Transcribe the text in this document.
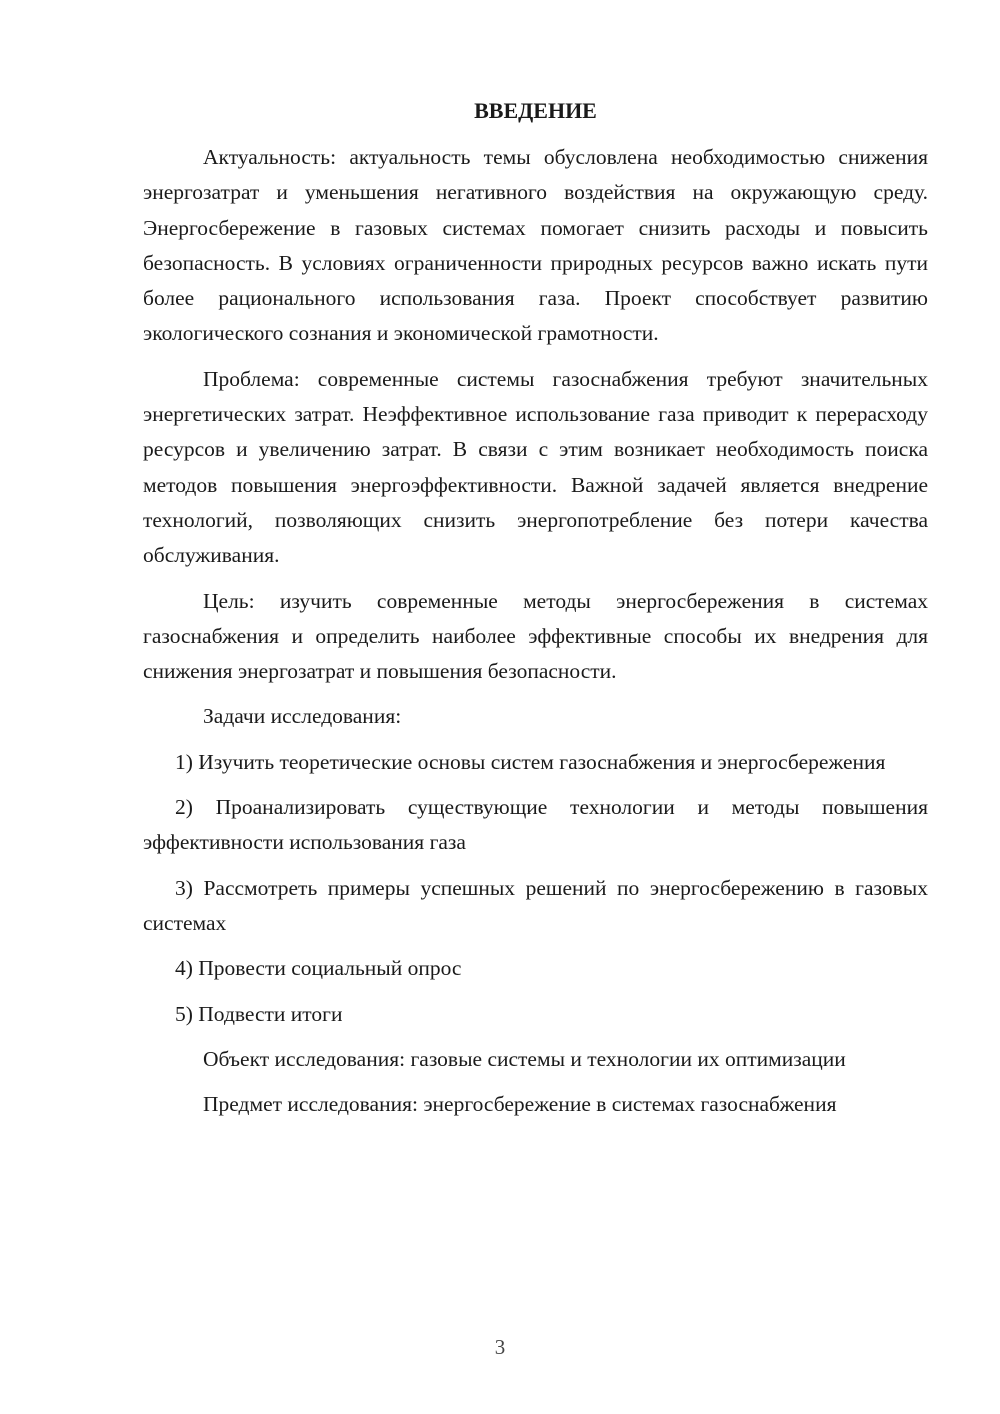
ВВЕДЕНИЕ

Актуальность: актуальность темы обусловлена необходимостью снижения энергозатрат и уменьшения негативного воздействия на окружающую среду. Энергосбережение в газовых системах помогает снизить расходы и повысить безопасность. В условиях ограниченности природных ресурсов важно искать пути более рационального использования газа. Проект способствует развитию экологического сознания и экономической грамотности.

Проблема: современные системы газоснабжения требуют значительных энергетических затрат. Неэффективное использование газа приводит к перерасходу ресурсов и увеличению затрат. В связи с этим возникает необходимость поиска методов повышения энергоэффективности. Важной задачей является внедрение технологий, позволяющих снизить энергопотребление без потери качества обслуживания.

Цель: изучить современные методы энергосбережения в системах газоснабжения и определить наиболее эффективные способы их внедрения для снижения энергозатрат и повышения безопасности.

Задачи исследования:

1) Изучить теоретические основы систем газоснабжения и энергосбережения

2) Проанализировать существующие технологии и методы повышения эффективности использования газа

3) Рассмотреть примеры успешных решений по энергосбережению в газовых системах

4) Провести социальный опрос

5) Подвести итоги

Объект исследования: газовые системы и технологии их оптимизации

Предмет исследования: энергосбережение в системах газоснабжения

3
